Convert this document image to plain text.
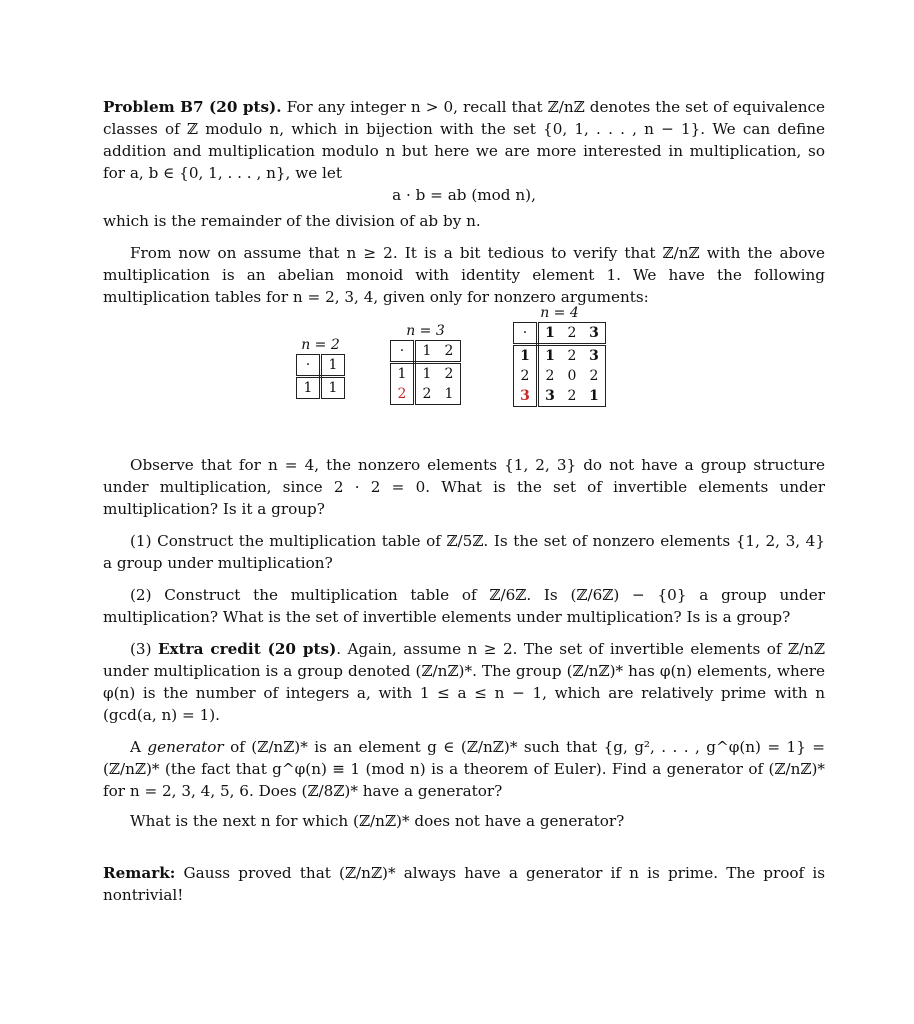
Problem B7 (20 pts). For any integer n > 0, recall that ℤ/nℤ denotes the set of equivalence classes of ℤ modulo n, which in bijection with the set {0, 1, . . . , n − 1}. We can define addition and multiplication modulo n but here we are more interested in multiplication, so for a, b ∈ {0, 1, . . . , n}, we let

a · b = ab (mod n),

which is the remainder of the division of ab by n.

From now on assume that n ≥ 2. It is a bit tedious to verify that ℤ/nℤ with the above multiplication is an abelian monoid with identity element 1. We have the following multiplication tables for n = 2, 3, 4, given only for nonzero arguments:

n = 2
·	1
1	1
n = 3
·	1	2
1	1	2
2	2	1
n = 4
·	1	2	3
1	1	2	3
2	2	0	2
3	3	2	1

Observe that for n = 4, the nonzero elements {1, 2, 3} do not have a group structure under multiplication, since 2 · 2 = 0. What is the set of invertible elements under multiplication? Is it a group?

(1) Construct the multiplication table of ℤ/5ℤ. Is the set of nonzero elements {1, 2, 3, 4} a group under multiplication?

(2) Construct the multiplication table of ℤ/6ℤ. Is (ℤ/6ℤ) − {0} a group under multiplication? What is the set of invertible elements under multiplication? Is is a group?

(3) Extra credit (20 pts). Again, assume n ≥ 2. The set of invertible elements of ℤ/nℤ under multiplication is a group denoted (ℤ/nℤ)*. The group (ℤ/nℤ)* has φ(n) elements, where φ(n) is the number of integers a, with 1 ≤ a ≤ n − 1, which are relatively prime with n (gcd(a, n) = 1).

A generator of (ℤ/nℤ)* is an element g ∈ (ℤ/nℤ)* such that {g, g², . . . , g^φ(n) = 1} = (ℤ/nℤ)* (the fact that g^φ(n) ≡ 1 (mod n) is a theorem of Euler). Find a generator of (ℤ/nℤ)* for n = 2, 3, 4, 5, 6. Does (ℤ/8ℤ)* have a generator?

What is the next n for which (ℤ/nℤ)* does not have a generator?

Remark: Gauss proved that (ℤ/nℤ)* always have a generator if n is prime. The proof is nontrivial!
